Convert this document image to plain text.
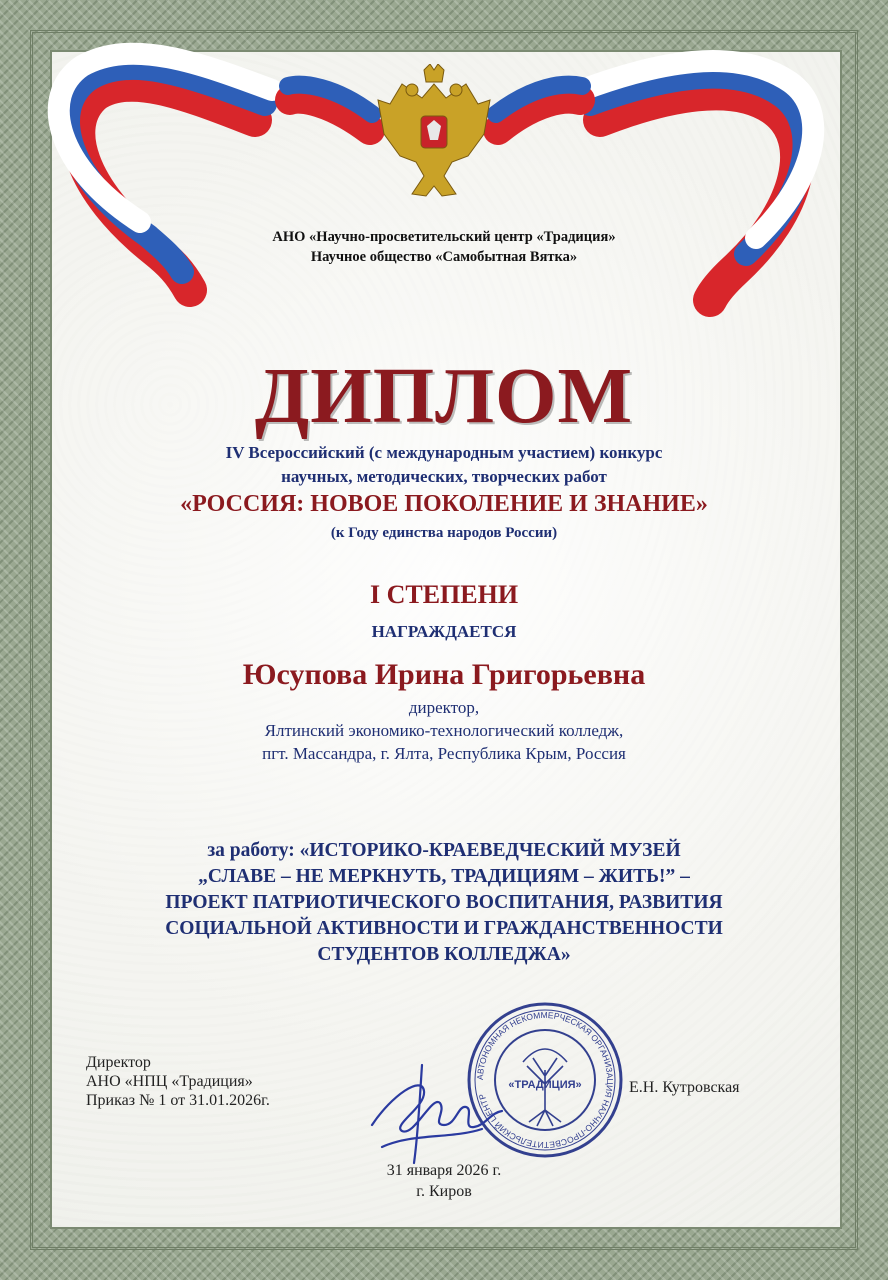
АНО «Научно-просветительский центр «Традиция»
Научное общество «Самобытная Вятка»
ДИПЛОМ
IV Всероссийский (с международным участием) конкурс
научных, методических, творческих работ
«РОССИЯ: НОВОЕ ПОКОЛЕНИЕ И ЗНАНИЕ»
(к Году единства народов России)
I СТЕПЕНИ
НАГРАЖДАЕТСЯ
Юсупова Ирина Григорьевна
директор,
Ялтинский экономико-технологический колледж,
пгт. Массандра, г. Ялта, Республика Крым, Россия
за работу: «ИСТОРИКО-КРАЕВЕДЧЕСКИЙ МУЗЕЙ
„СЛАВЕ – НЕ МЕРКНУТЬ, ТРАДИЦИЯМ – ЖИТЬ!” –
ПРОЕКТ ПАТРИОТИЧЕСКОГО ВОСПИТАНИЯ, РАЗВИТИЯ
СОЦИАЛЬНОЙ АКТИВНОСТИ И ГРАЖДАНСТВЕННОСТИ
СТУДЕНТОВ КОЛЛЕДЖА»
Директор
АНО «НПЦ «Традиция»
Приказ № 1 от 31.01.2026г.
АВТОНОМНАЯ НЕКОММЕРЧЕСКАЯ ОРГАНИЗАЦИЯ НАУЧНО-ПРОСВЕТИТЕЛЬСКИЙ ЦЕНТР
«ТРАДИЦИЯ»	Е.Н. Кутровская
31 января 2026 г.
г. Киров
